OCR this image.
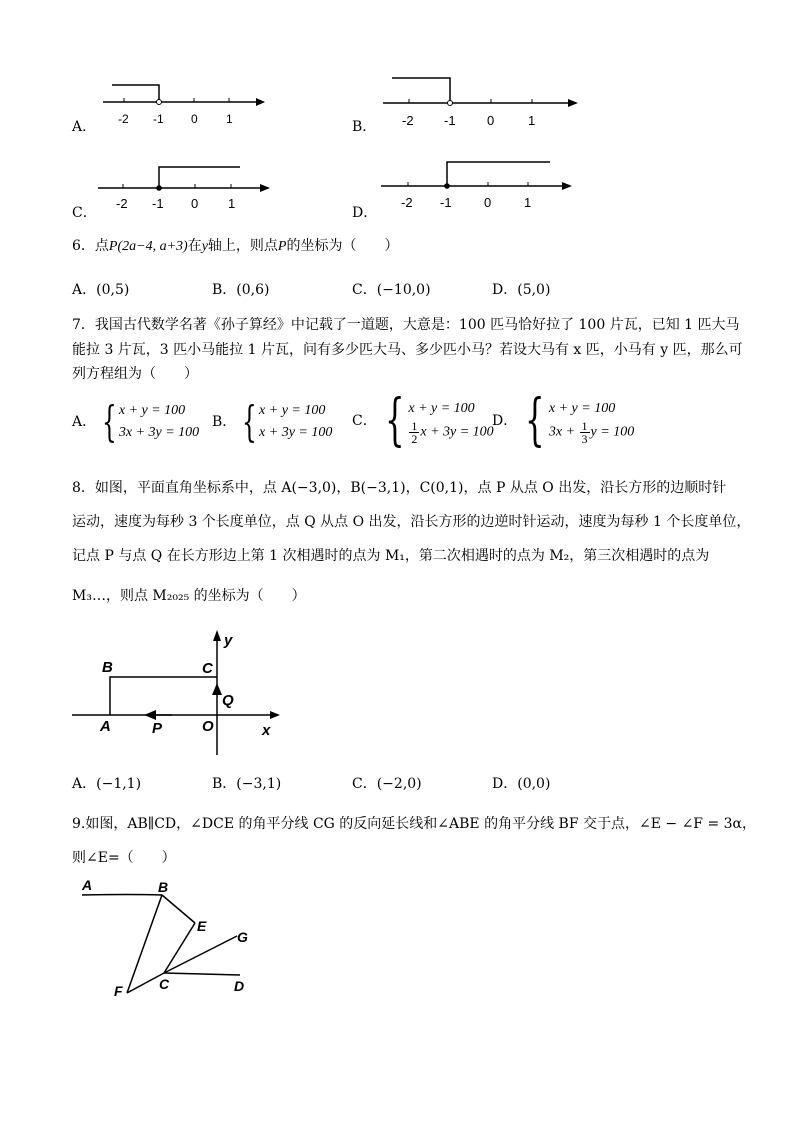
A． -2 -1 0 1	B． -2 -1 0	1
C．
-2 -1 0 1
D．
-2 -1 0	1
6．点P(2a−4, a+3)在y轴上，则点P的坐标为（　　）
A．(0,5)	B．(0,6)	C．(−10,0)	D．(5,0)
7．我国古代数学名著《孙子算经》中记载了一道题，大意是：100 匹马恰好拉了 100 片瓦，已知 1 匹大马
能拉 3 片瓦，3 匹小马能拉 1 片瓦，问有多少匹大马、多少匹小马？若设大马有 x 匹，小马有 y 匹，那么可
列方程组为（　　）
A． { x + y = 100
3x + 3y = 100
B． { x + y = 100
x + 3y = 100
C． { x + y = 100
$\frac{1}{2}$ x + 3y = 100
D． { x + y = 100
$3x + \frac{1}{3}$ y = 100
8．如图，平面直角坐标系中，点 A(−3,0)，B(−3,1)，C(0,1)，点 P 从点 O 出发，沿长方形的边顺时针
运动，速度为每秒 3 个长度单位，点 Q 从点 O 出发，沿长方形的边逆时针运动，速度为每秒 1 个长度单位，
记点 P 与点 Q 在长方形边上第 1 次相遇时的点为 M₁，第二次相遇时的点为 M₂，第三次相遇时的点为
M₃…，则点 M₂₀₂₅ 的坐标为（　　）
B	C
y
Q
A	P	O	x
A．(−1,1)	B．(−3,1)	C．(−2,0)	D．(0,0)
9.如图，AB∥CD，∠DCE 的角平分线 CG 的反向延长线和∠ABE 的角平分线 BF 交于点，∠E − ∠F = 3α，
则∠E=（　　）
A	B
E
G
F	C	D
